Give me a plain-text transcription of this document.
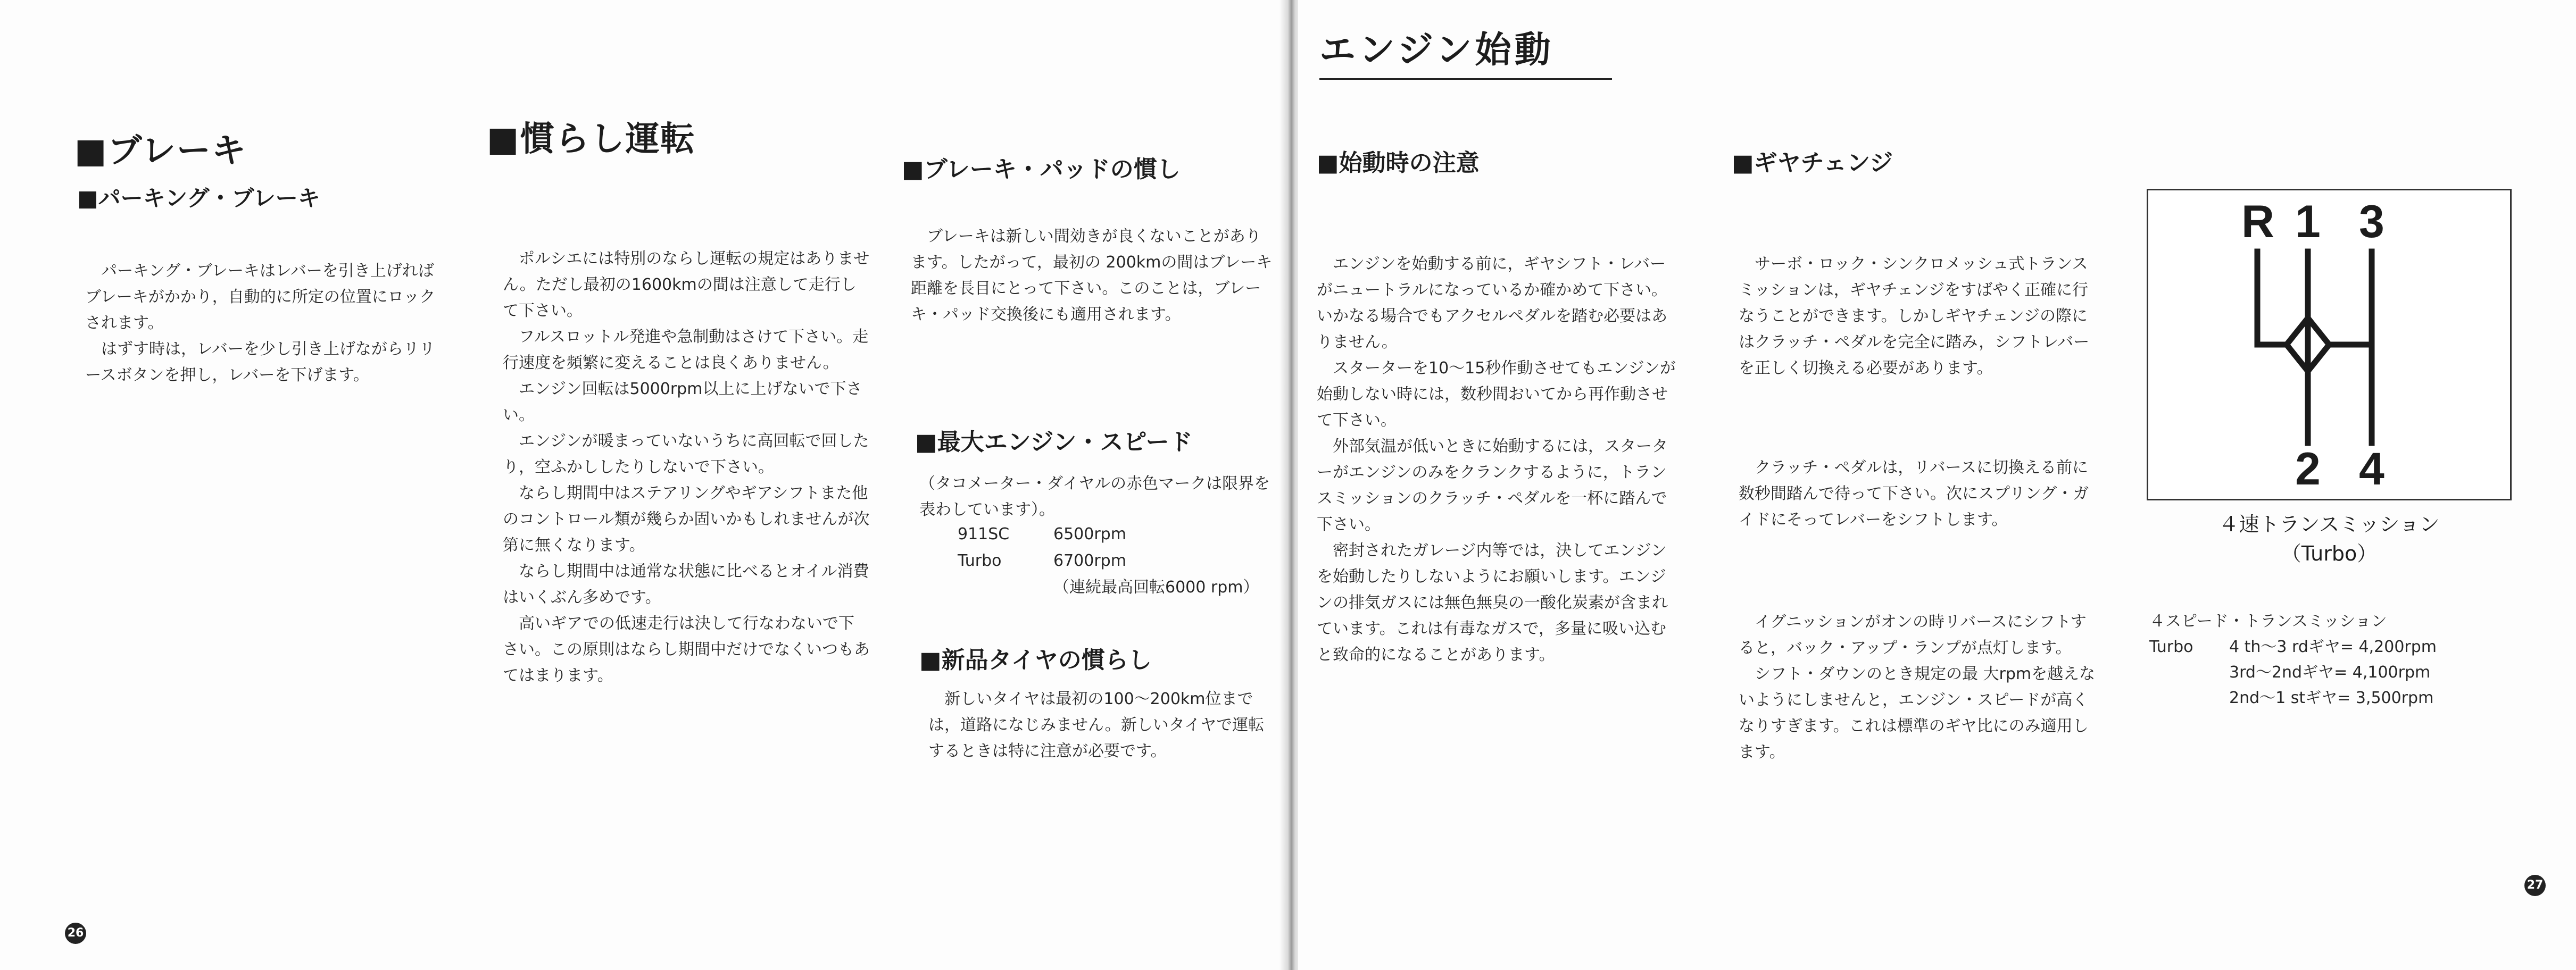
■ブレーキ
■パーキング・ブレーキ

パーキング・ブレーキはレバーを引き上げればブレーキがかかり，自動的に所定の位置にロックされます。

はずす時は，レバーを少し引き上げながらリリースボタンを押し，レバーを下げます。

■慣らし運転

ポルシエには特別のならし運転の規定はありません。ただし最初の1600kmの間は注意して走行して下さい。

フルスロットル発進や急制動はさけて下さい。走行速度を頻繁に変えることは良くありません。

エンジン回転は5000rpm以上に上げないで下さい。

エンジンが暖まっていないうちに高回転で回したり，空ふかししたりしないで下さい。

ならし期間中はステアリングやギアシフトまた他のコントロール類が幾らか固いかもしれませんが次第に無くなります。

ならし期間中は通常な状態に比べるとオイル消費はいくぶん多めです。

高いギアでの低速走行は決して行なわないで下さい。この原則はならし期間中だけでなくいつもあてはまります。

■ブレーキ・パッドの慣し

ブレーキは新しい間効きが良くないことがあります。したがって，最初の 200kmの間はブレーキ距離を長目にとって下さい。このことは，ブレーキ・パッド交換後にも適用されます。

■最大エンジン・スピード
（タコメーター・ダイヤルの赤色マークは限界を表わしています）。
911SC	6500rpm
Turbo	6700rpm
（連続最高回転6000 rpm）
■新品タイヤの慣らし

新しいタイヤは最初の100〜200km位までは，道路になじみません。新しいタイヤで運転するときは特に注意が必要です。

26
エンジン始動
■始動時の注意

エンジンを始動する前に，ギヤシフト・レバーがニュートラルになっているか確かめて下さい。いかなる場合でもアクセルペダルを踏む必要はありません。

スターターを10〜15秒作動させてもエンジンが始動しない時には，数秒間おいてから再作動させて下さい。

外部気温が低いときに始動するには，スターターがエンジンのみをクランクするように，トランスミッションのクラッチ・ペダルを一杯に踏んで下さい。

密封されたガレージ内等では，決してエンジンを始動したりしないようにお願いします。エンジンの排気ガスには無色無臭の一酸化炭素が含まれています。これは有毒なガスで，多量に吸い込むと致命的になることがあります。

■ギヤチェンジ

サーボ・ロック・シンクロメッシュ式トランスミッションは，ギヤチェンジをすばやく正確に行なうことができます。しかしギヤチェンジの際にはクラッチ・ペダルを完全に踏み，シフトレバーを正しく切換える必要があります。

クラッチ・ペダルは，リバースに切換える前に数秒間踏んで待って下さい。次にスプリング・ガイドにそってレバーをシフトします。

イグニッションがオンの時リバースにシフトすると，バック・アップ・ランプが点灯します。

シフト・ダウンのとき規定の最 大rpmを越えないようにしませんと，エンジン・スピードが高くなりすぎます。これは標準のギヤ比にのみ適用します。

R 1 3
2 4
４速トランスミッション
（Turbo）
４スピード・トランスミッション
Turbo	4 th〜3 rdギヤ= 4,200rpm
3rd〜2ndギヤ= 4,100rpm
2nd〜1 stギヤ= 3,500rpm
27
